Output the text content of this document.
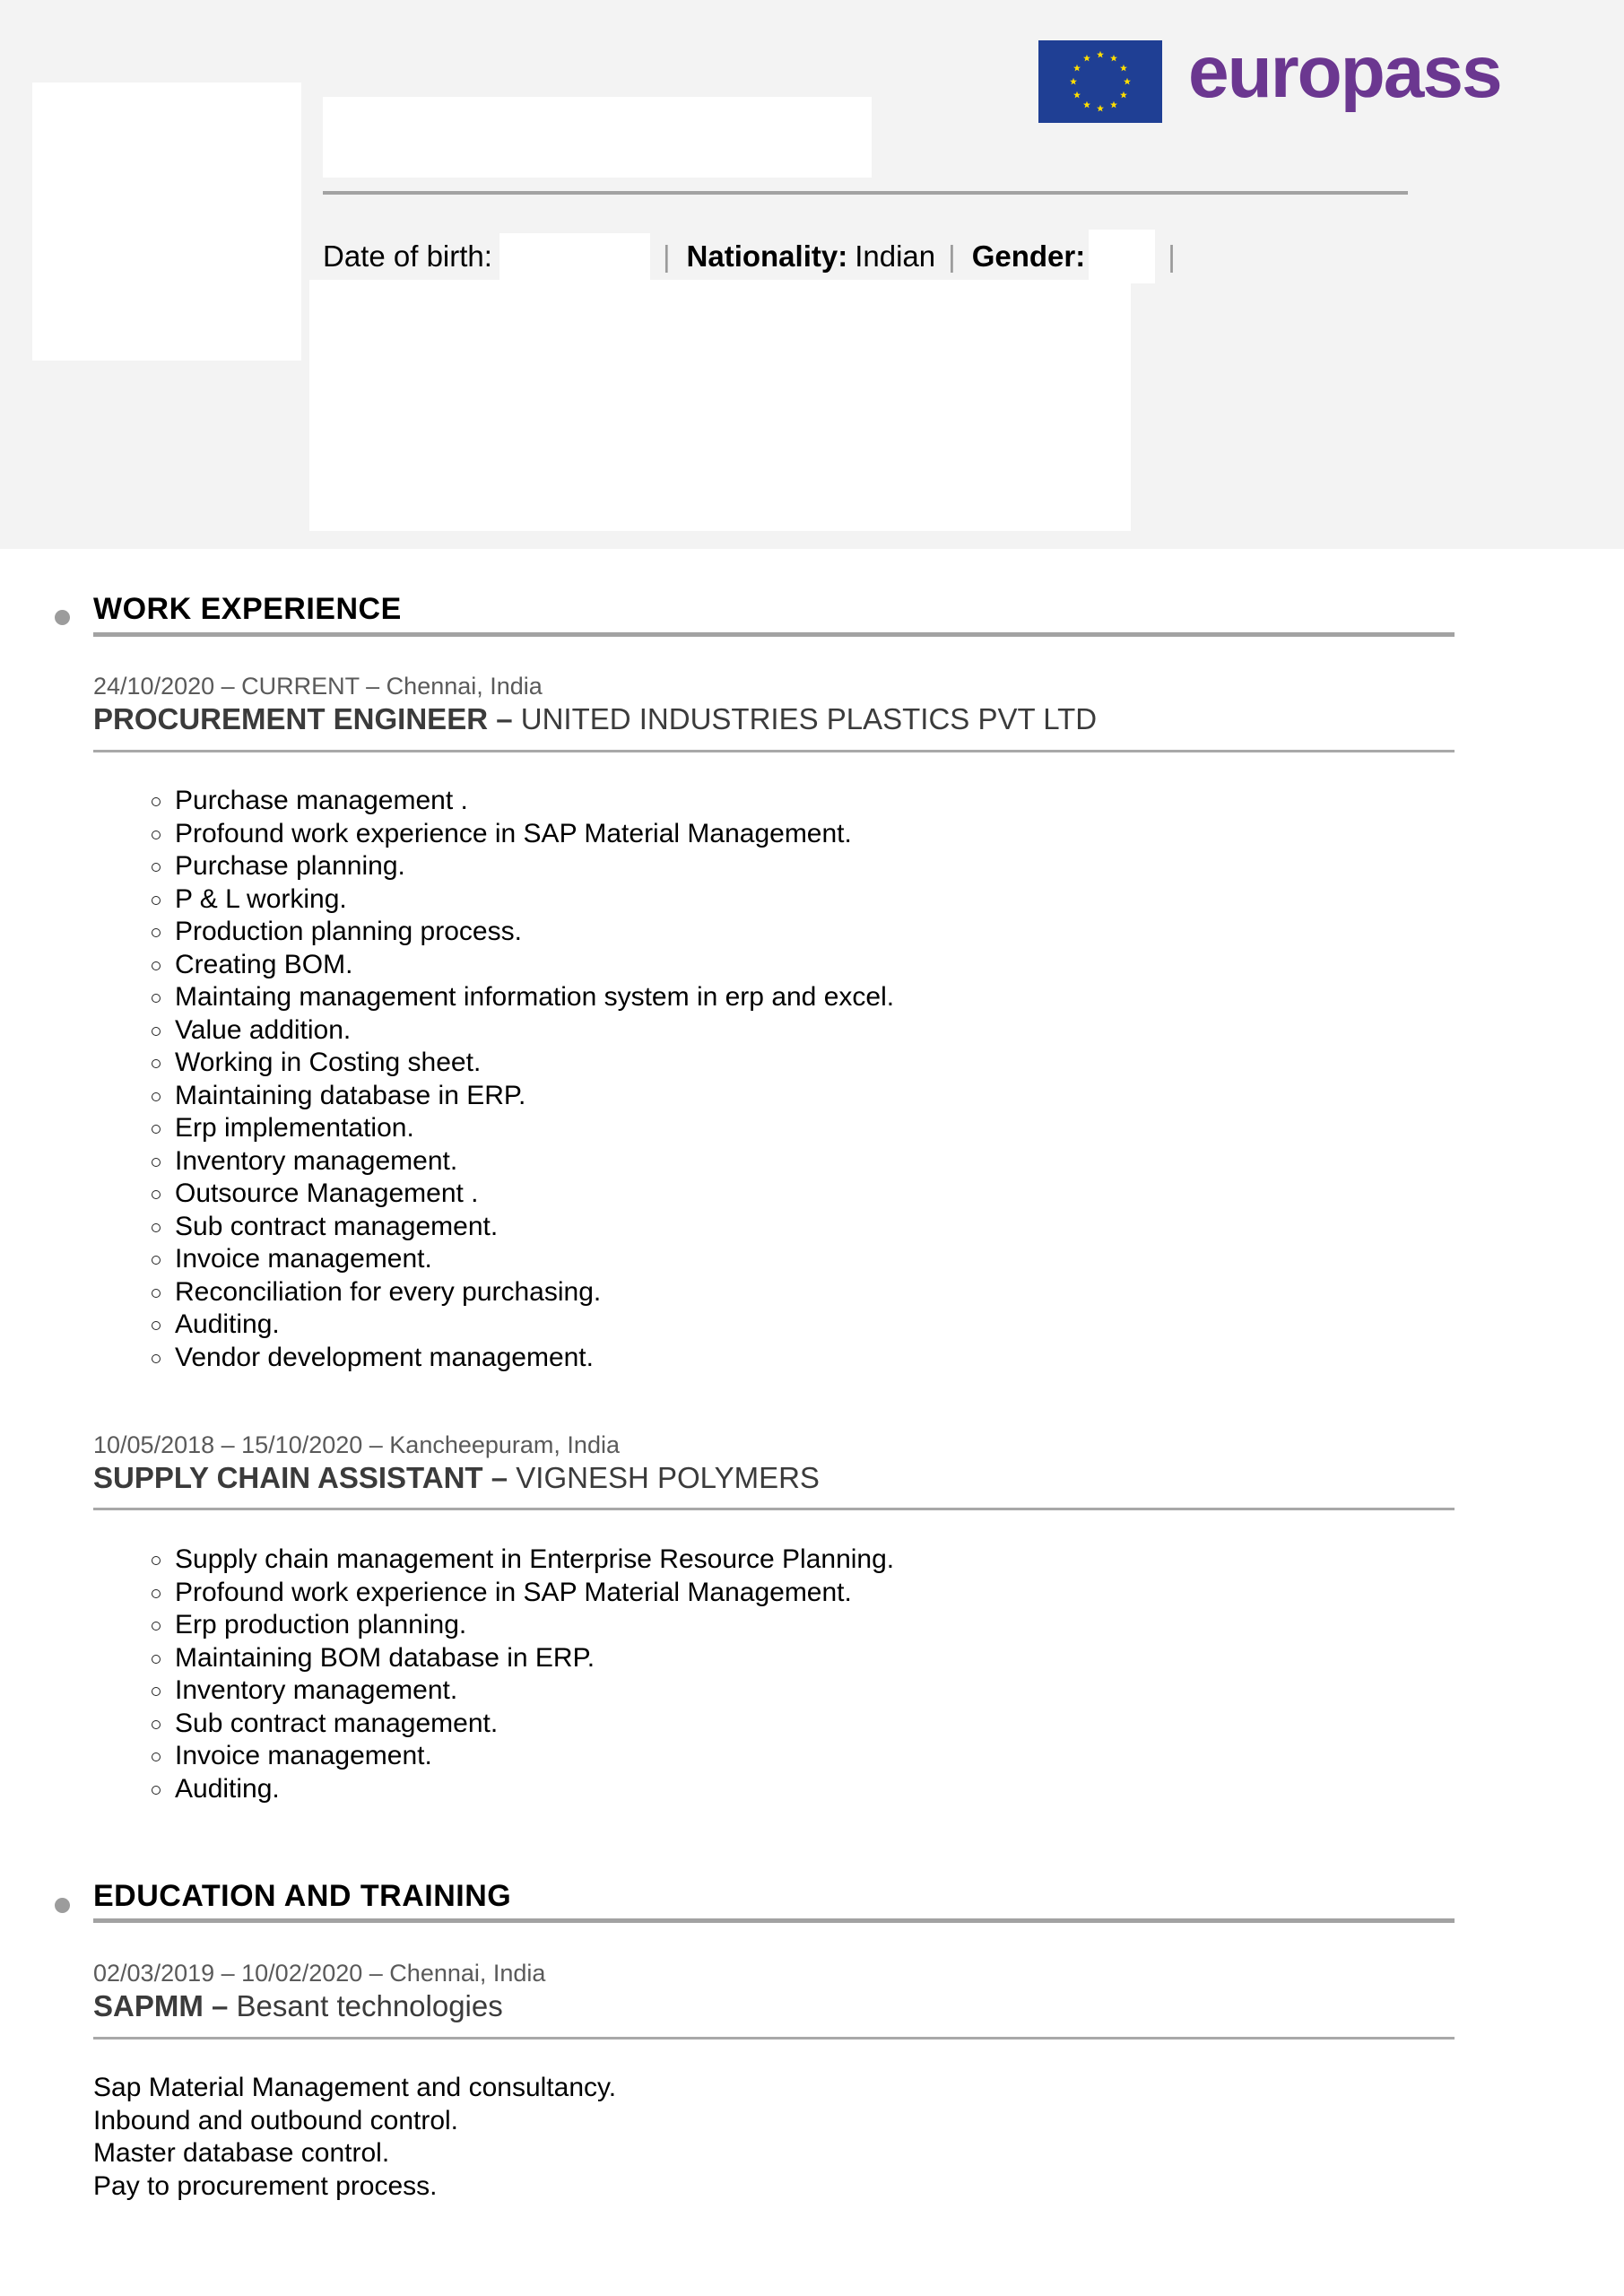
Date of birth:	| Nationality: Indian | Gender:	|
europass
WORK EXPERIENCE
24/10/2020 – CURRENT – Chennai, India
PROCUREMENT ENGINEER – UNITED INDUSTRIES PLASTICS PVT LTD
Purchase management .
Profound work experience in SAP Material Management.
Purchase planning.
P & L working.
Production planning process.
Creating BOM.
Maintaing management information system in erp and excel.
Value addition.
Working in Costing sheet.
Maintaining database in ERP.
Erp implementation.
Inventory management.
Outsource Management .
Sub contract management.
Invoice management.
Reconciliation for every purchasing.
Auditing.
Vendor development management.
10/05/2018 – 15/10/2020 – Kancheepuram, India
SUPPLY CHAIN ASSISTANT – VIGNESH POLYMERS
Supply chain management in Enterprise Resource Planning.
Profound work experience in SAP Material Management.
Erp production planning.
Maintaining BOM database in ERP.
Inventory management.
Sub contract management.
Invoice management.
Auditing.
EDUCATION AND TRAINING
02/03/2019 – 10/02/2020 – Chennai, India
SAPMM – Besant technologies
Sap Material Management and consultancy.
Inbound and outbound control.
Master database control.
Pay to procurement process.
